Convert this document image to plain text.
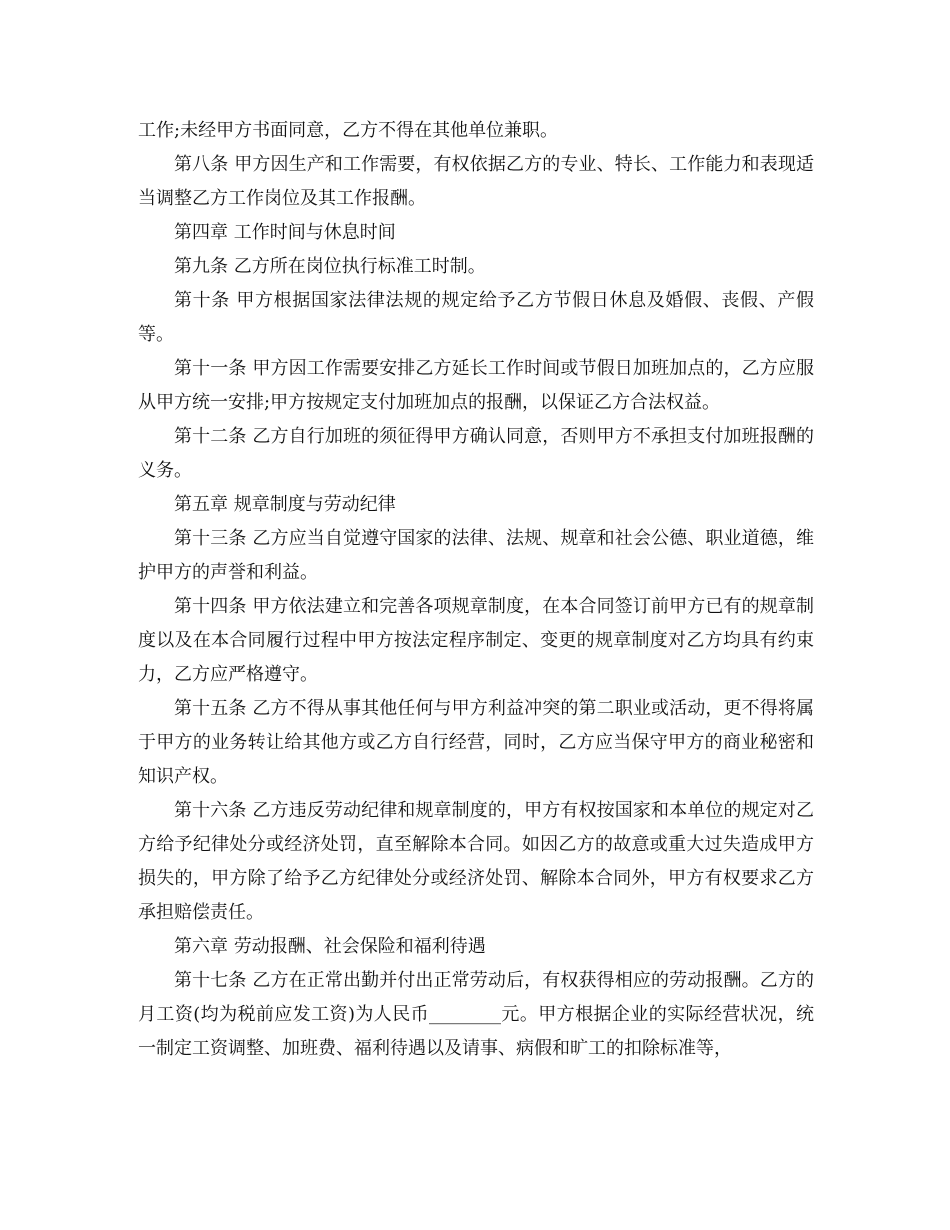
工作;未经甲方书面同意，乙方不得在其他单位兼职。

第八条 甲方因生产和工作需要，有权依据乙方的专业、特长、工作能力和表现适当调整乙方工作岗位及其工作报酬。

第四章 工作时间与休息时间

第九条 乙方所在岗位执行标准工时制。

第十条 甲方根据国家法律法规的规定给予乙方节假日休息及婚假、丧假、产假等。

第十一条 甲方因工作需要安排乙方延长工作时间或节假日加班加点的，乙方应服从甲方统一安排;甲方按规定支付加班加点的报酬，以保证乙方合法权益。

第十二条 乙方自行加班的须征得甲方确认同意，否则甲方不承担支付加班报酬的义务。

第五章 规章制度与劳动纪律

第十三条 乙方应当自觉遵守国家的法律、法规、规章和社会公德、职业道德，维护甲方的声誉和利益。

第十四条 甲方依法建立和完善各项规章制度，在本合同签订前甲方已有的规章制度以及在本合同履行过程中甲方按法定程序制定、变更的规章制度对乙方均具有约束力，乙方应严格遵守。

第十五条 乙方不得从事其他任何与甲方利益冲突的第二职业或活动，更不得将属于甲方的业务转让给其他方或乙方自行经营，同时，乙方应当保守甲方的商业秘密和知识产权。

第十六条 乙方违反劳动纪律和规章制度的，甲方有权按国家和本单位的规定对乙方给予纪律处分或经济处罚，直至解除本合同。如因乙方的故意或重大过失造成甲方损失的，甲方除了给予乙方纪律处分或经济处罚、解除本合同外，甲方有权要求乙方承担赔偿责任。

第六章 劳动报酬、社会保险和福利待遇

第十七条 乙方在正常出勤并付出正常劳动后，有权获得相应的劳动报酬。乙方的月工资(均为税前应发工资)为人民币________元。甲方根据企业的实际经营状况，统一制定工资调整、加班费、福利待遇以及请事、病假和旷工的扣除标准等，
